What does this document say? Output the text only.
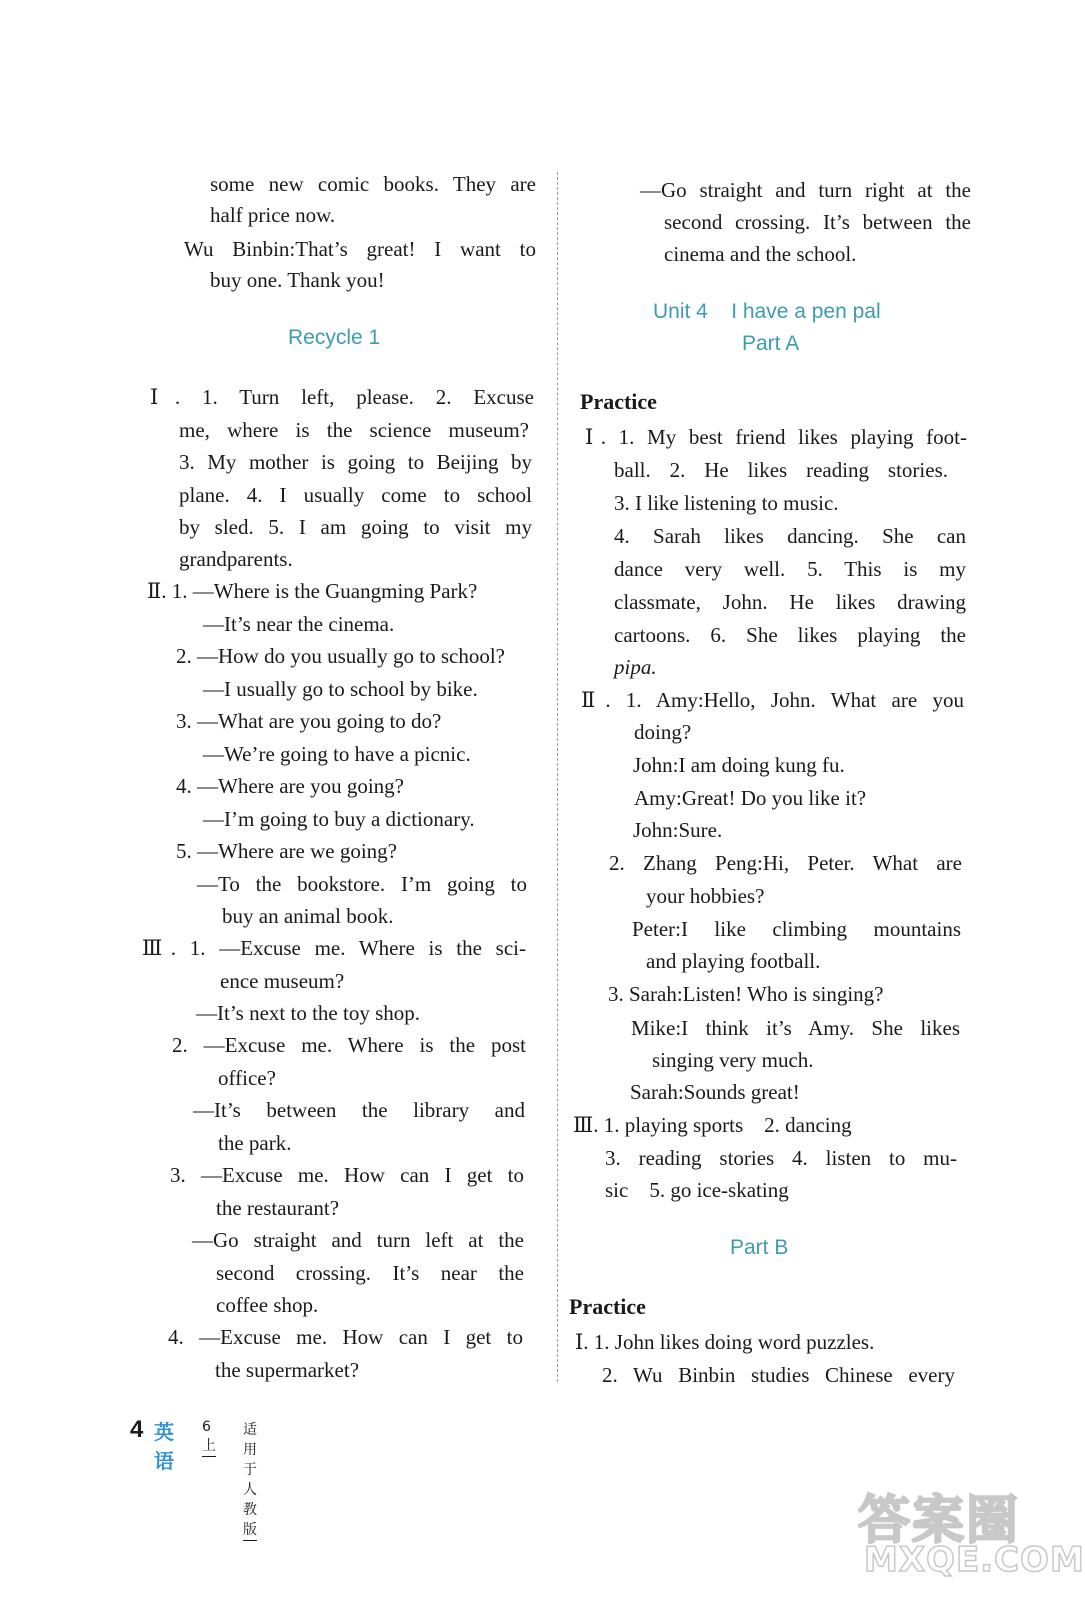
some new comic books. They are
half price now.
Wu Binbin:That’s great! I want to
buy one. Thank you!
Recycle 1
Ⅰ. 1. Turn left, please. 2. Excuse
me, where is the science museum?
3. My mother is going to Beijing by
plane. 4. I usually come to school
by sled. 5. I am going to visit my
grandparents.
Ⅱ. 1. —Where is the Guangming Park?
—It’s near the cinema.
2. —How do you usually go to school?
—I usually go to school by bike.
3. —What are you going to do?
—We’re going to have a picnic.
4. —Where are you going?
—I’m going to buy a dictionary.
5. —Where are we going?
—To the bookstore. I’m going to
buy an animal book.
Ⅲ. 1. —Excuse me. Where is the sci-
ence museum?
—It’s next to the toy shop.
2. —Excuse me. Where is the post
office?
—It’s between the library and
the park.
3. —Excuse me. How can I get to
the restaurant?
—Go straight and turn left at the
second crossing. It’s near the
coffee shop.
4. —Excuse me. How can I get to
the supermarket?
—Go straight and turn right at the
second crossing. It’s between the
cinema and the school.
Unit 4    I have a pen pal
Part A
Practice
Ⅰ. 1. My best friend likes playing foot-
ball. 2. He likes reading stories.
3. I like listening to music.
4. Sarah likes dancing. She can
dance very well. 5. This is my
classmate, John. He likes drawing
cartoons. 6. She likes playing the
pipa.
Ⅱ. 1. Amy:Hello, John. What are you
doing?
John:I am doing kung fu.
Amy:Great! Do you like it?
John:Sure.
2. Zhang Peng:Hi, Peter. What are
your hobbies?
Peter:I like climbing mountains
and playing football.
3. Sarah:Listen! Who is singing?
Mike:I think it’s Amy. She likes
singing very much.
Sarah:Sounds great!
Ⅲ. 1. playing sports    2. dancing
3. reading stories 4. listen to mu-
sic    5. go ice-skating
Part B
Practice
Ⅰ. 1. John likes doing word puzzles.
2. Wu Binbin studies Chinese every
4 英语
6上
适用于人教版	答案圈
MXQE.COM
